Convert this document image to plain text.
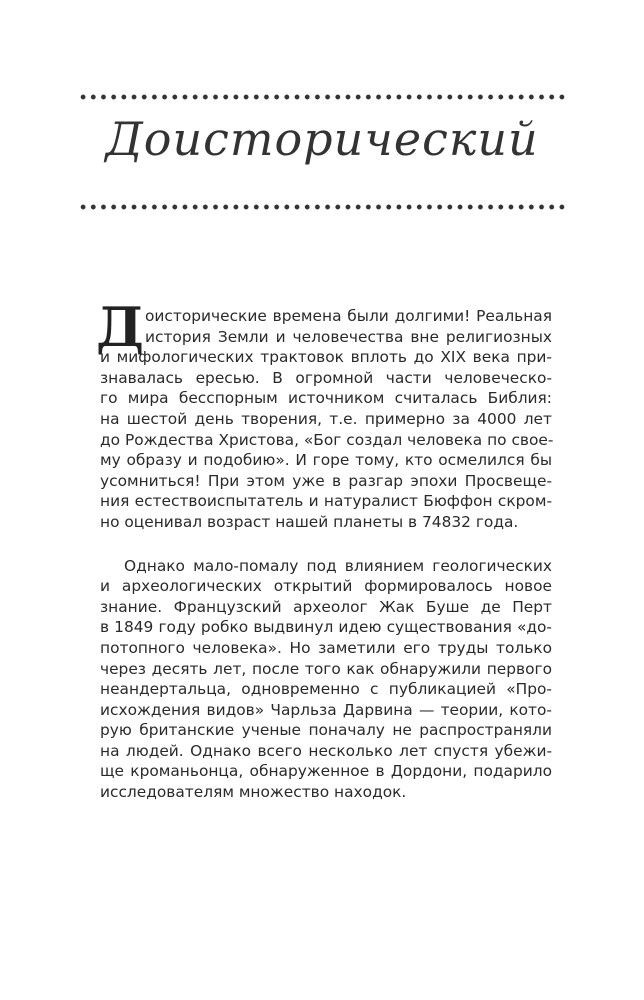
Доисторический
Д оисторические времена были долгими! Реальная
история Земли и человечества вне религиозных
и мифологических трактовок вплоть до XIX века при-
знавалась ересью. В огромной части человеческо-
го мира бесспорным источником считалась Библия:
на шестой день творения, т.е. примерно за 4000 лет
до Рождества Христова, «Бог создал человека по свое-
му образу и подобию». И горе тому, кто осмелился бы
усомниться! При этом уже в разгар эпохи Просвеще-
ния естествоиспытатель и натуралист Бюффон скром-
но оценивал возраст нашей планеты в 74832 года.
Однако мало-помалу под влиянием геологических
и археологических открытий формировалось новое
знание. Французский археолог Жак Буше де Перт
в 1849 году робко выдвинул идею существования «до-
потопного человека». Но заметили его труды только
через десять лет, после того как обнаружили первого
неандертальца, одновременно с публикацией «Про-
исхождения видов» Чарльза Дарвина — теории, кото-
рую британские ученые поначалу не распространяли
на людей. Однако всего несколько лет спустя убежи-
ще кроманьонца, обнаруженное в Дордони, подарило
исследователям множество находок.
